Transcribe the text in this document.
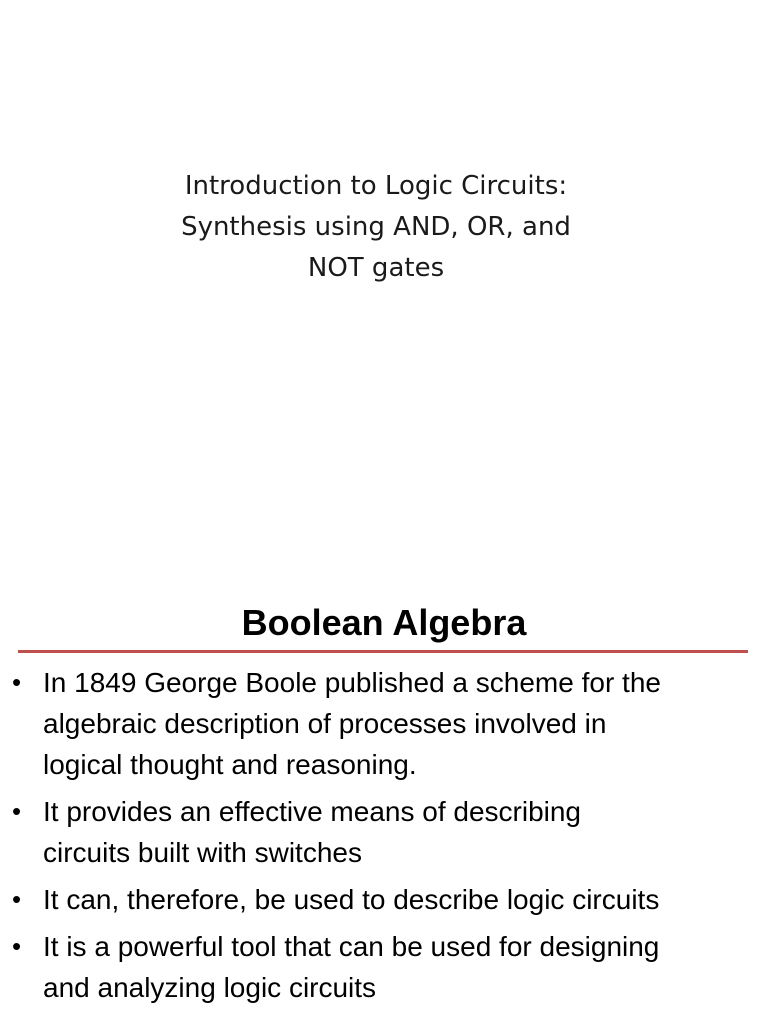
Introduction to Logic Circuits:
Synthesis using AND, OR, and
NOT gates
Boolean Algebra
• In 1849 George Boole published a scheme for the
algebraic description of processes involved in
logical thought and reasoning.
• It provides an effective means of describing
circuits built with switches
• It can, therefore, be used to describe logic circuits
• It is a powerful tool that can be used for designing
and analyzing logic circuits
